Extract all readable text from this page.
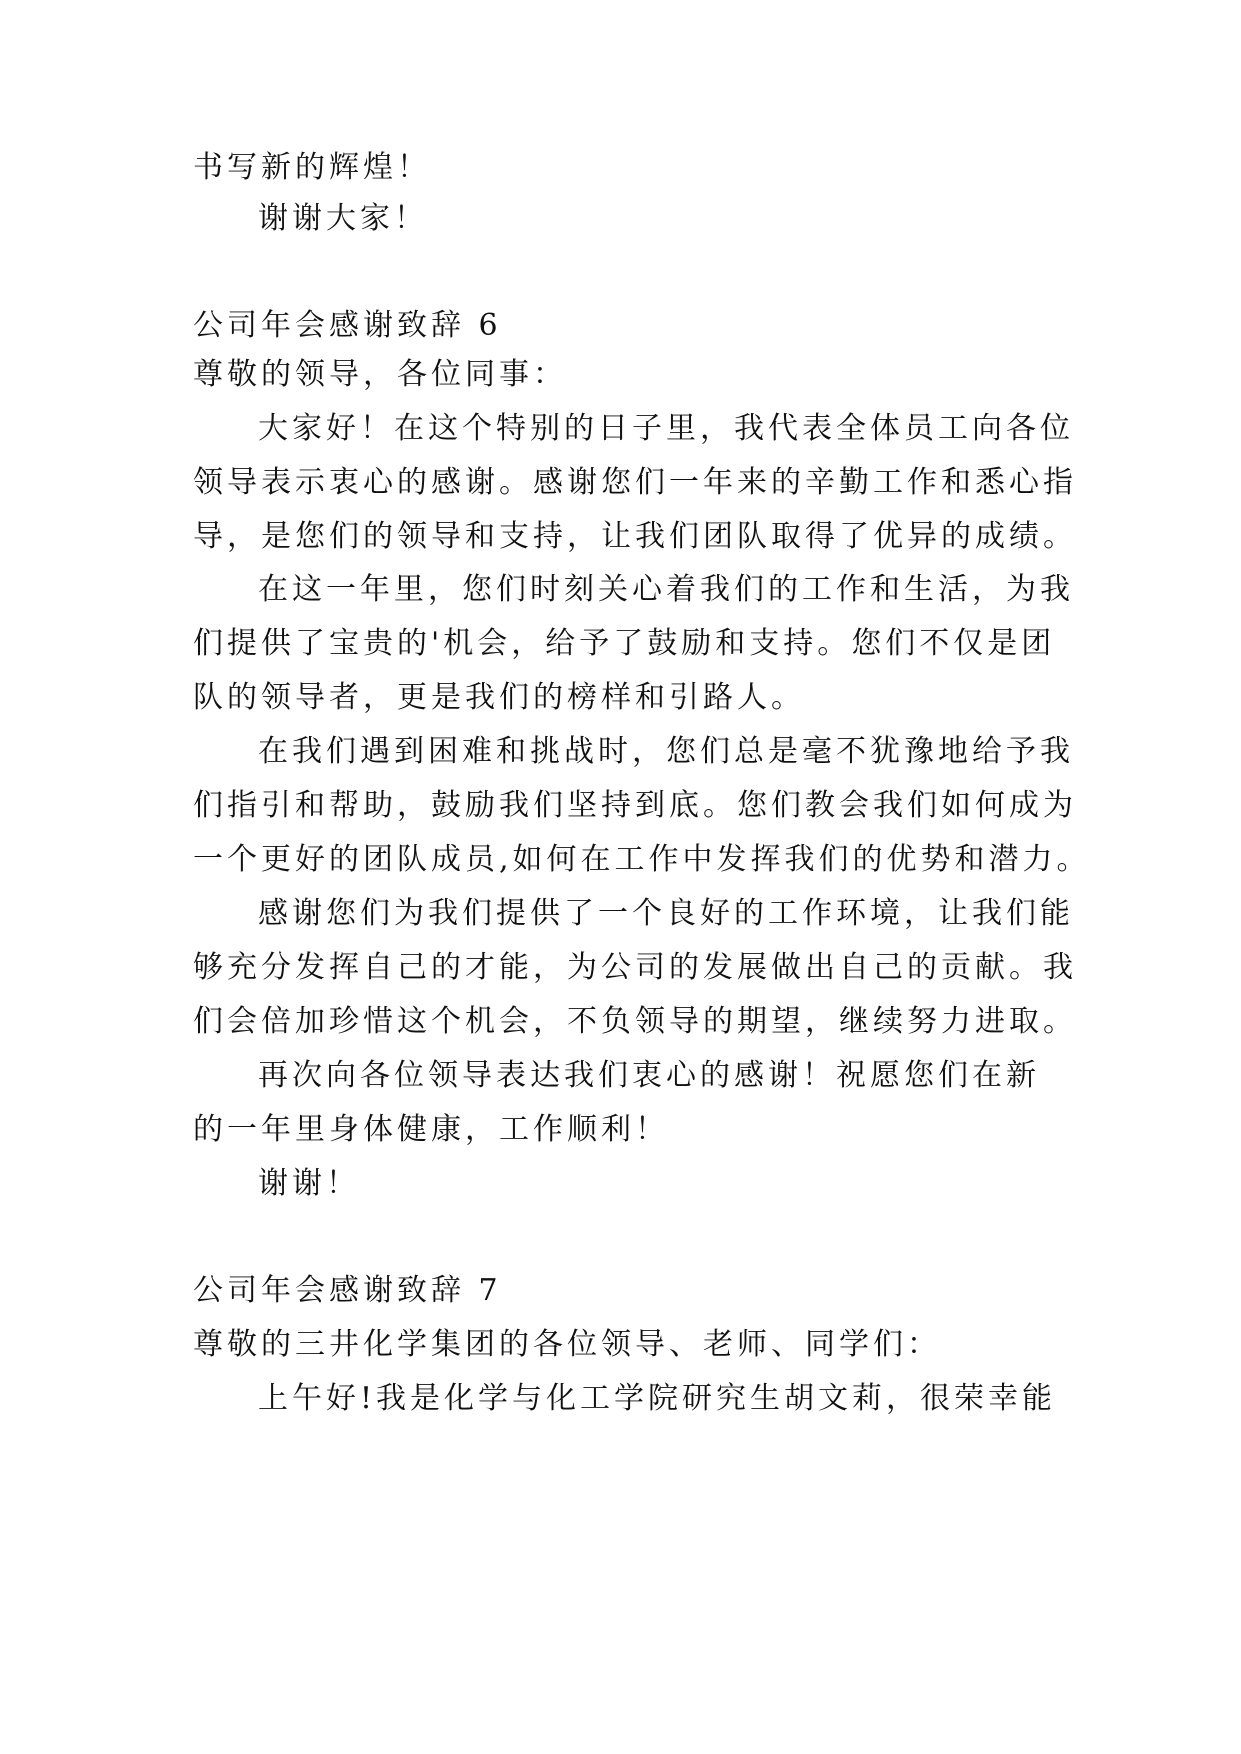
书写新的辉煌！
谢谢大家！
公司年会感谢致辞 6
尊敬的领导，各位同事：
大家好！在这个特别的日子里，我代表全体员工向各位
领导表示衷心的感谢。感谢您们一年来的辛勤工作和悉心指
导，是您们的领导和支持，让我们团队取得了优异的成绩。
在这一年里，您们时刻关心着我们的工作和生活，为我
们提供了宝贵的'机会，给予了鼓励和支持。您们不仅是团
队的领导者，更是我们的榜样和引路人。
在我们遇到困难和挑战时，您们总是毫不犹豫地给予我
们指引和帮助，鼓励我们坚持到底。您们教会我们如何成为
一个更好的团队成员,如何在工作中发挥我们的优势和潜力。
感谢您们为我们提供了一个良好的工作环境，让我们能
够充分发挥自己的才能，为公司的发展做出自己的贡献。我
们会倍加珍惜这个机会，不负领导的期望，继续努力进取。
再次向各位领导表达我们衷心的感谢！祝愿您们在新
的一年里身体健康，工作顺利！
谢谢！
公司年会感谢致辞 7
尊敬的三井化学集团的各位领导、老师、同学们：
上午好!我是化学与化工学院研究生胡文莉，很荣幸能
